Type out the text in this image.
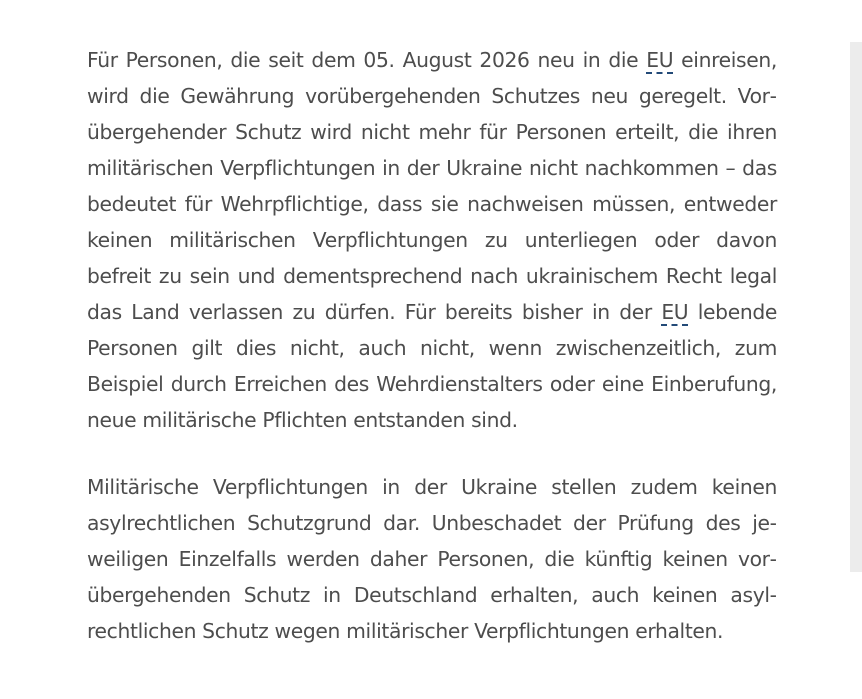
Für Personen, die seit dem 05. August 2026 neu in die EU einreisen, wird die Gewährung vorübergehenden Schutzes neu geregelt. Vorübergehender Schutz wird nicht mehr für Personen erteilt, die ihren militärischen Verpflichtungen in der Ukraine nicht nachkommen – das bedeutet für Wehrpflichtige, dass sie nachweisen müssen, entweder keinen militärischen Verpflichtungen zu unterliegen oder davon befreit zu sein und dementsprechend nach ukrainischem Recht legal das Land verlassen zu dürfen. Für bereits bisher in der EU lebende Personen gilt dies nicht, auch nicht, wenn zwischenzeitlich, zum Beispiel durch Erreichen des Wehrdienstalters oder eine Einberufung, neue militärische Pflichten entstanden sind.

Militärische Verpflichtungen in der Ukraine stellen zudem keinen asylrechtlichen Schutzgrund dar. Unbeschadet der Prüfung des jeweiligen Einzelfalls werden daher Personen, die künftig keinen vorübergehenden Schutz in Deutschland erhalten, auch keinen asylrechtlichen Schutz wegen militärischer Verpflichtungen erhalten.
